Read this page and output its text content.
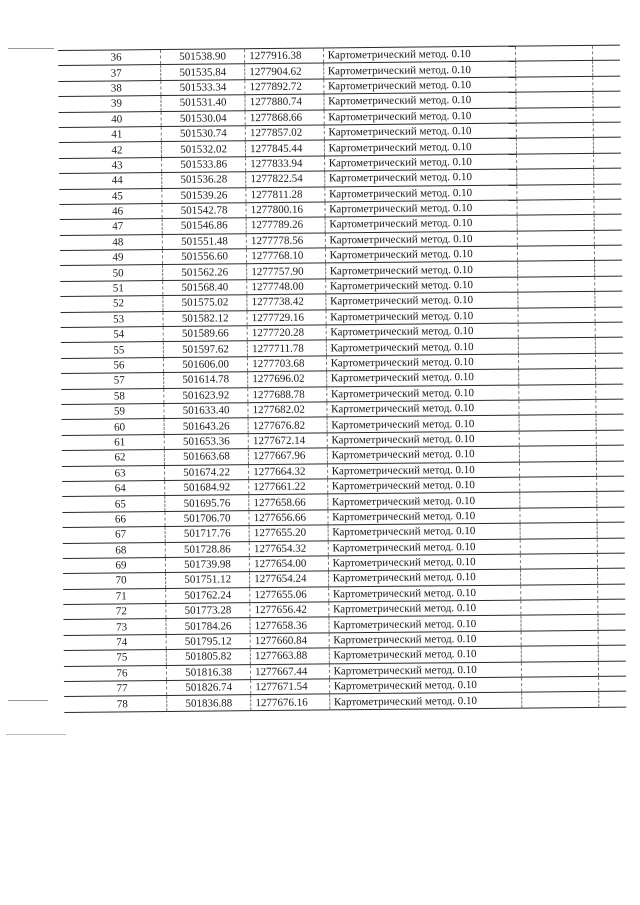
36	501538.90	1277916.38	Картометрический метод. 0.10		
37	501535.84	1277904.62	Картометрический метод. 0.10		
38	501533.34	1277892.72	Картометрический метод. 0.10		
39	501531.40	1277880.74	Картометрический метод. 0.10		
40	501530.04	1277868.66	Картометрический метод. 0.10		
41	501530.74	1277857.02	Картометрический метод. 0.10		
42	501532.02	1277845.44	Картометрический метод. 0.10		
43	501533.86	1277833.94	Картометрический метод. 0.10		
44	501536.28	1277822.54	Картометрический метод. 0.10		
45	501539.26	1277811.28	Картометрический метод. 0.10		
46	501542.78	1277800.16	Картометрический метод. 0.10		
47	501546.86	1277789.26	Картометрический метод. 0.10		
48	501551.48	1277778.56	Картометрический метод. 0.10		
49	501556.60	1277768.10	Картометрический метод. 0.10		
50	501562.26	1277757.90	Картометрический метод. 0.10		
51	501568.40	1277748.00	Картометрический метод. 0.10		
52	501575.02	1277738.42	Картометрический метод. 0.10		
53	501582.12	1277729.16	Картометрический метод. 0.10		
54	501589.66	1277720.28	Картометрический метод. 0.10		
55	501597.62	1277711.78	Картометрический метод. 0.10		
56	501606.00	1277703.68	Картометрический метод. 0.10		
57	501614.78	1277696.02	Картометрический метод. 0.10		
58	501623.92	1277688.78	Картометрический метод. 0.10		
59	501633.40	1277682.02	Картометрический метод. 0.10		
60	501643.26	1277676.82	Картометрический метод. 0.10		
61	501653.36	1277672.14	Картометрический метод. 0.10		
62	501663.68	1277667.96	Картометрический метод. 0.10		
63	501674.22	1277664.32	Картометрический метод. 0.10		
64	501684.92	1277661.22	Картометрический метод. 0.10		
65	501695.76	1277658.66	Картометрический метод. 0.10		
66	501706.70	1277656.66	Картометрический метод. 0.10		
67	501717.76	1277655.20	Картометрический метод. 0.10		
68	501728.86	1277654.32	Картометрический метод. 0.10		
69	501739.98	1277654.00	Картометрический метод. 0.10		
70	501751.12	1277654.24	Картометрический метод. 0.10		
71	501762.24	1277655.06	Картометрический метод. 0.10		
72	501773.28	1277656.42	Картометрический метод. 0.10		
73	501784.26	1277658.36	Картометрический метод. 0.10		
74	501795.12	1277660.84	Картометрический метод. 0.10		
75	501805.82	1277663.88	Картометрический метод. 0.10		
76	501816.38	1277667.44	Картометрический метод. 0.10		
77	501826.74	1277671.54	Картометрический метод. 0.10		
78	501836.88	1277676.16	Картометрический метод. 0.10		
